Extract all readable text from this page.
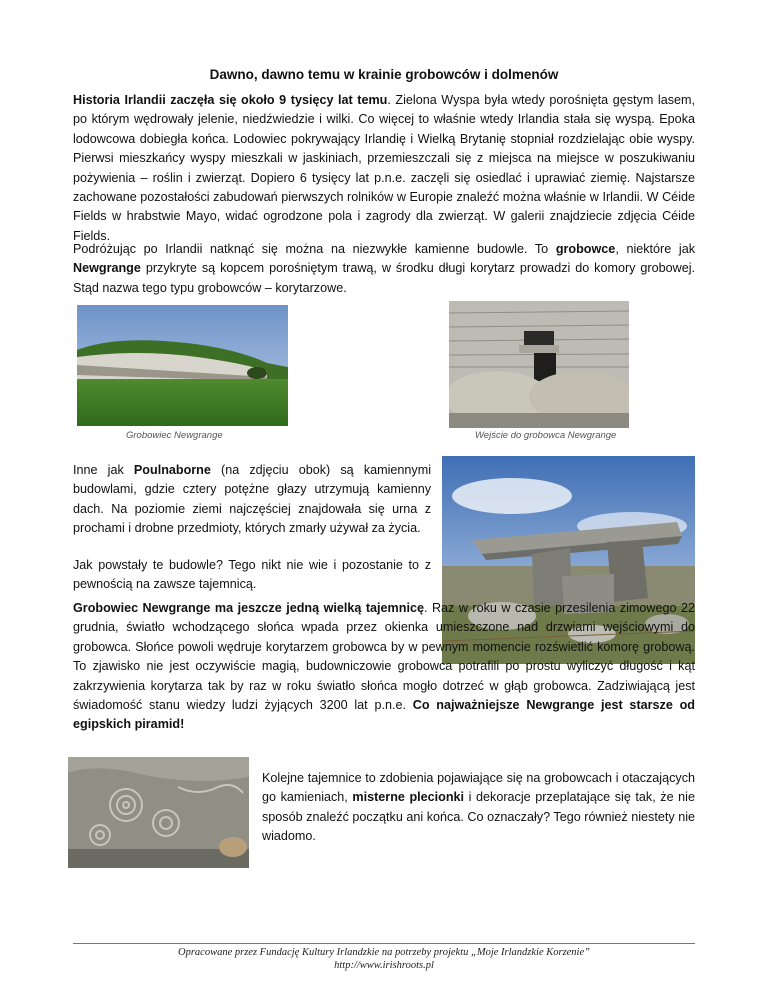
Dawno, dawno temu w krainie grobowców i dolmenów
Historia Irlandii zaczęła się około 9 tysięcy lat temu. Zielona Wyspa była wtedy porośnięta gęstym lasem, po którym wędrowały jelenie, niedźwiedzie i wilki. Co więcej to właśnie wtedy Irlandia stała się wyspą. Epoka lodowcowa dobiegła końca. Lodowiec pokrywający Irlandię i Wielką Brytanię stopniał rozdzielając obie wyspy. Pierwsi mieszkańcy wyspy mieszkali w jaskiniach, przemieszczali się z miejsca na miejsce w poszukiwaniu pożywienia – roślin i zwierząt. Dopiero 6 tysięcy lat p.n.e. zaczęli się osiedlać i uprawiać ziemię. Najstarsze zachowane pozostałości zabudowań pierwszych rolników w Europie znaleźć można właśnie w Irlandii. W Céide Fields w hrabstwie Mayo, widać ogrodzone pola i zagrody dla zwierząt. W galerii znajdziecie zdjęcia Céide Fields.
Podróżując po Irlandii natknąć się można na niezwykłe kamienne budowle. To grobowce, niektóre jak Newgrange przykryte są kopcem porośniętym trawą, w środku długi korytarz prowadzi do komory grobowej. Stąd nazwa tego typu grobowców – korytarzowe.
Grobowiec Newgrange	Wejście do grobowca Newgrange
Inne jak Poulnaborne (na zdjęciu obok) są kamiennymi budowlami, gdzie cztery potężne głazy utrzymują kamienny dach. Na poziomie ziemi najczęściej znajdowała się urna z prochami i drobne przedmioty, których zmarły używał za życia.
Jak powstały te budowle? Tego nikt nie wie i pozostanie to z pewnością na zawsze tajemnicą.
Grobowiec Newgrange ma jeszcze jedną wielką tajemnicę. Raz w roku w czasie przesilenia zimowego 22 grudnia, światło wchodzącego słońca wpada przez okienka umieszczone nad drzwiami wejściowymi do grobowca. Słońce powoli wędruje korytarzem grobowca by w pewnym momencie rozświetlić komorę grobową. To zjawisko nie jest oczywiście magią, budowniczowie grobowca potrafili po prostu wyliczyć długość i kąt zakrzywienia korytarza tak by raz w roku światło słońca mogło dotrzeć w głąb grobowca. Zadziwiającą jest świadomość stanu wiedzy ludzi żyjących 3200 lat p.n.e. Co najważniejsze Newgrange jest starsze od egipskich piramid!
Kolejne tajemnice to zdobienia pojawiające się na grobowcach i otaczających go kamieniach, misterne plecionki i dekoracje przeplatające się tak, że nie sposób znaleźć początku ani końca. Co oznaczały? Tego również niestety nie wiadomo.
Opracowane przez Fundację Kultury Irlandzkie na potrzeby projektu „Moje Irlandzkie Korzenie”
http://www.irishroots.pl
